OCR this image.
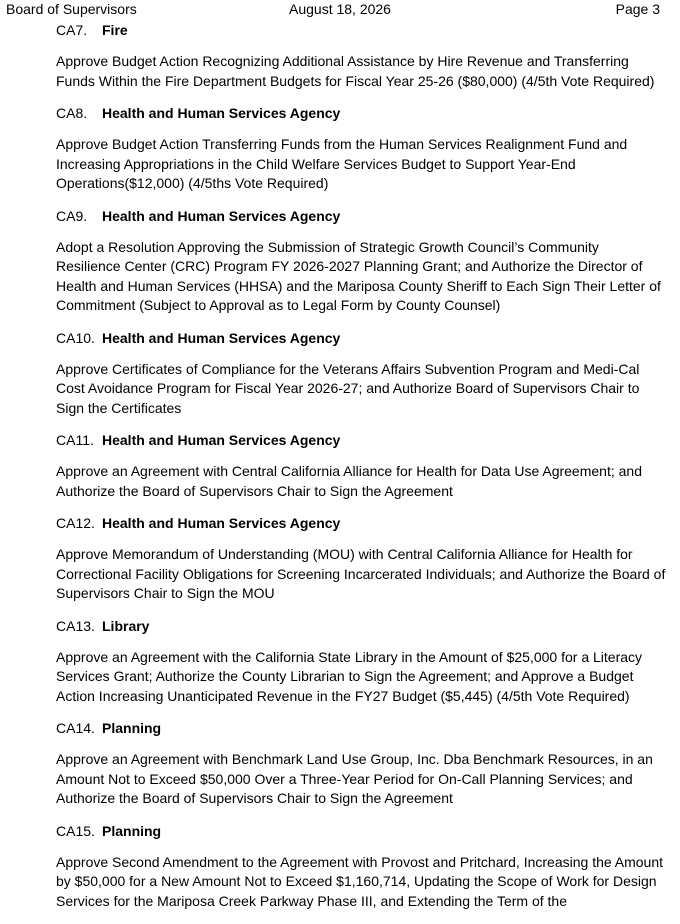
Board of Supervisors	August 18, 2026	Page 3
CA7. Fire
Approve Budget Action Recognizing Additional Assistance by Hire Revenue and Transferring Funds Within the Fire Department Budgets for Fiscal Year 25-26 ($80,000) (4/5th Vote Required)
CA8. Health and Human Services Agency
Approve Budget Action Transferring Funds from the Human Services Realignment Fund and Increasing Appropriations in the Child Welfare Services Budget to Support Year-End Operations($12,000) (4/5ths Vote Required)
CA9. Health and Human Services Agency
Adopt a Resolution Approving the Submission of Strategic Growth Council’s Community Resilience Center (CRC) Program FY 2026-2027 Planning Grant; and Authorize the Director of Health and Human Services (HHSA) and the Mariposa County Sheriff to Each Sign Their Letter of Commitment (Subject to Approval as to Legal Form by County Counsel)
CA10. Health and Human Services Agency
Approve Certificates of Compliance for the Veterans Affairs Subvention Program and Medi-Cal Cost Avoidance Program for Fiscal Year 2026-27; and Authorize Board of Supervisors Chair to Sign the Certificates
CA11. Health and Human Services Agency
Approve an Agreement with Central California Alliance for Health for Data Use Agreement; and Authorize the Board of Supervisors Chair to Sign the Agreement
CA12. Health and Human Services Agency
Approve Memorandum of Understanding (MOU) with Central California Alliance for Health for Correctional Facility Obligations for Screening Incarcerated Individuals; and Authorize the Board of Supervisors Chair to Sign the MOU
CA13. Library
Approve an Agreement with the California State Library in the Amount of $25,000 for a Literacy Services Grant; Authorize the County Librarian to Sign the Agreement; and Approve a Budget Action Increasing Unanticipated Revenue in the FY27 Budget ($5,445) (4/5th Vote Required)
CA14. Planning
Approve an Agreement with Benchmark Land Use Group, Inc. Dba Benchmark Resources, in an Amount Not to Exceed $50,000 Over a Three-Year Period for On-Call Planning Services; and Authorize the Board of Supervisors Chair to Sign the Agreement
CA15. Planning
Approve Second Amendment to the Agreement with Provost and Pritchard, Increasing the Amount by $50,000 for a New Amount Not to Exceed $1,160,714, Updating the Scope of Work for Design Services for the Mariposa Creek Parkway Phase III, and Extending the Term of the
